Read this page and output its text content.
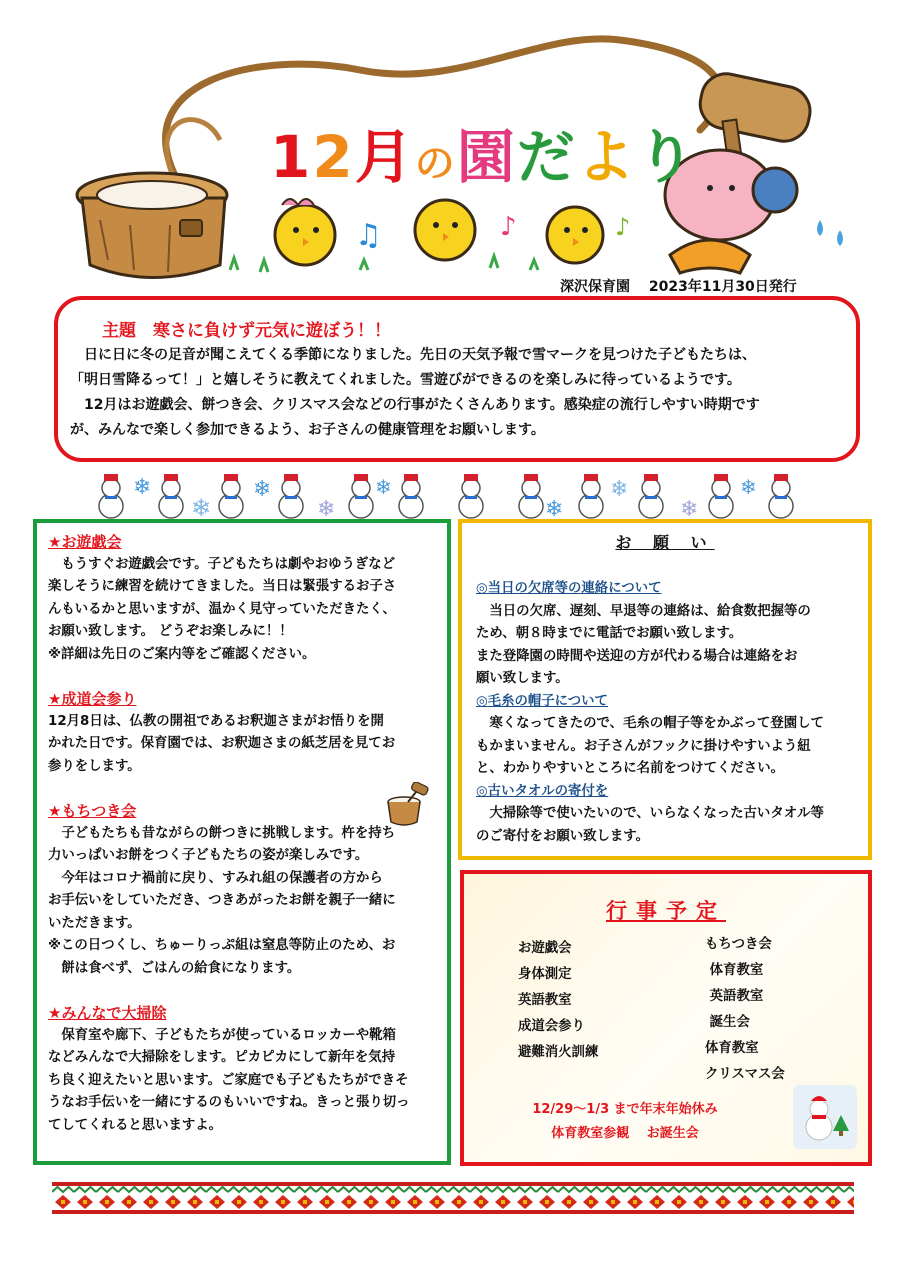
♫	♪	♪
12月の園だより
深沢保育園　 2023年11月30日発行
主題　寒さに負けず元気に遊ぼう！！

　日に日に冬の足音が聞こえてくる季節になりました。先日の天気予報で雪マークを見つけた子どもたちは、

「明日雪降るって！」と嬉しそうに教えてくれました。雪遊びができるのを楽しみに待っているようです。

　12月はお遊戯会、餅つき会、クリスマス会などの行事がたくさんあります。感染症の流行しやすい時期です

が、みんなで楽しく参加できるよう、お子さんの健康管理をお願いします。

❄
❄
❄
❄
❄
❄
❄
❄
❄

★お遊戯会

　もうすぐお遊戯会です。子どもたちは劇やおゆうぎなど

楽しそうに練習を続けてきました。当日は緊張するお子さ

んもいるかと思いますが、温かく見守っていただきたく、

お願い致します。 どうぞお楽しみに！！

※詳細は先日のご案内等をご確認ください。

★成道会参り

12月8日は、仏教の開祖であるお釈迦さまがお悟りを開

かれた日です。保育園では、お釈迦さまの紙芝居を見てお

参りをします。

★もちつき会

　子どもたちも昔ながらの餅つきに挑戦します。杵を持ち

力いっぱいお餅をつく子どもたちの姿が楽しみです。

　今年はコロナ禍前に戻り、すみれ組の保護者の方から

お手伝いをしていただき、つきあがったお餅を親子一緒に

いただきます。

※この日つくし、ちゅーりっぷ組は窒息等防止のため、お

　餅は食べず、ごはんの給食になります。

★みんなで大掃除

　保育室や廊下、子どもたちが使っているロッカーや靴箱

などみんなで大掃除をします。ピカピカにして新年を気持

ち良く迎えたいと思います。ご家庭でも子どもたちができそ

うなお手伝いを一緒にするのもいいですね。きっと張り切っ

てしてくれると思いますよ。

お 願 い

◎当日の欠席等の連絡について

　当日の欠席、遅刻、早退等の連絡は、給食数把握等の

ため、朝８時までに電話でお願い致します。

また登降園の時間や送迎の方が代わる場合は連絡をお

願い致します。

◎毛糸の帽子について

　寒くなってきたので、毛糸の帽子等をかぶって登園して

もかまいません。お子さんがフックに掛けやすいよう紐

と、わかりやすいところに名前をつけてください。

◎古いタオルの寄付を

　大掃除等で使いたいので、いらなくなった古いタオル等

のご寄付をお願い致します。

行事予定
お遊戯会
身体測定
英語教室
成道会参り
避難消火訓練
もちつき会
体育教室
英語教室
誕生会
体育教室
クリスマス会
12/29～1/3 まで年末年始休み
体育教室参観　 お誕生会
